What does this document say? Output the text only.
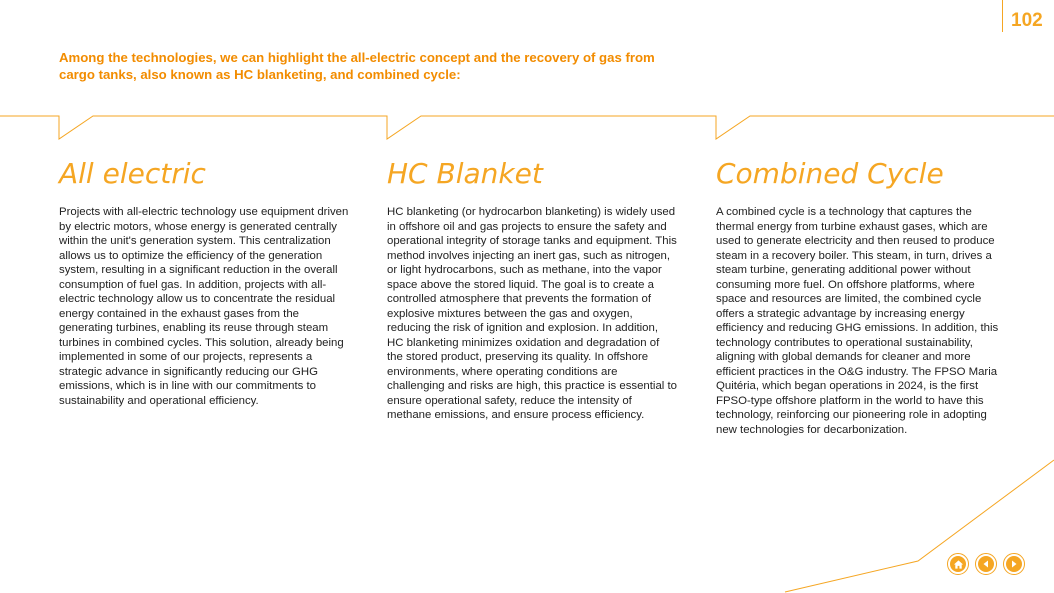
102
Among the technologies, we can highlight the all-electric concept and the recovery of gas from cargo tanks, also known as HC blanketing, and combined cycle:
All electric

Projects with all-electric technology use equipment driven by electric motors, whose energy is generated centrally within the unit's generation system. This centralization allows us to optimize the efficiency of the generation system, resulting in a significant reduction in the overall consumption of fuel gas. In addition, projects with all-electric technology allow us to concentrate the residual energy contained in the exhaust gases from the generating turbines, enabling its reuse through steam turbines in combined cycles. This solution, already being implemented in some of our projects, represents a strategic advance in significantly reducing our GHG emissions, which is in line with our commitments to sustainability and operational efficiency.

HC Blanket

HC blanketing (or hydrocarbon blanketing) is widely used in offshore oil and gas projects to ensure the safety and operational integrity of storage tanks and equipment. This method involves injecting an inert gas, such as nitrogen, or light hydrocarbons, such as methane, into the vapor space above the stored liquid. The goal is to create a controlled atmosphere that prevents the formation of explosive mixtures between the gas and oxygen, reducing the risk of ignition and explosion. In addition, HC blanketing minimizes oxidation and degradation of the stored product, preserving its quality. In offshore environments, where operating conditions are challenging and risks are high, this practice is essential to ensure operational safety, reduce the intensity of methane emissions, and ensure process efficiency.

Combined Cycle

A combined cycle is a technology that captures the thermal energy from turbine exhaust gases, which are used to generate electricity and then reused to produce steam in a recovery boiler. This steam, in turn, drives a steam turbine, generating additional power without consuming more fuel. On offshore platforms, where space and resources are limited, the combined cycle offers a strategic advantage by increasing energy efficiency and reducing GHG emissions. In addition, this technology contributes to operational sustainability, aligning with global demands for cleaner and more efficient practices in the O&G industry. The FPSO Maria Quitéria, which began operations in 2024, is the first FPSO-type offshore platform in the world to have this technology, reinforcing our pioneering role in adopting new technologies for decarbonization.
